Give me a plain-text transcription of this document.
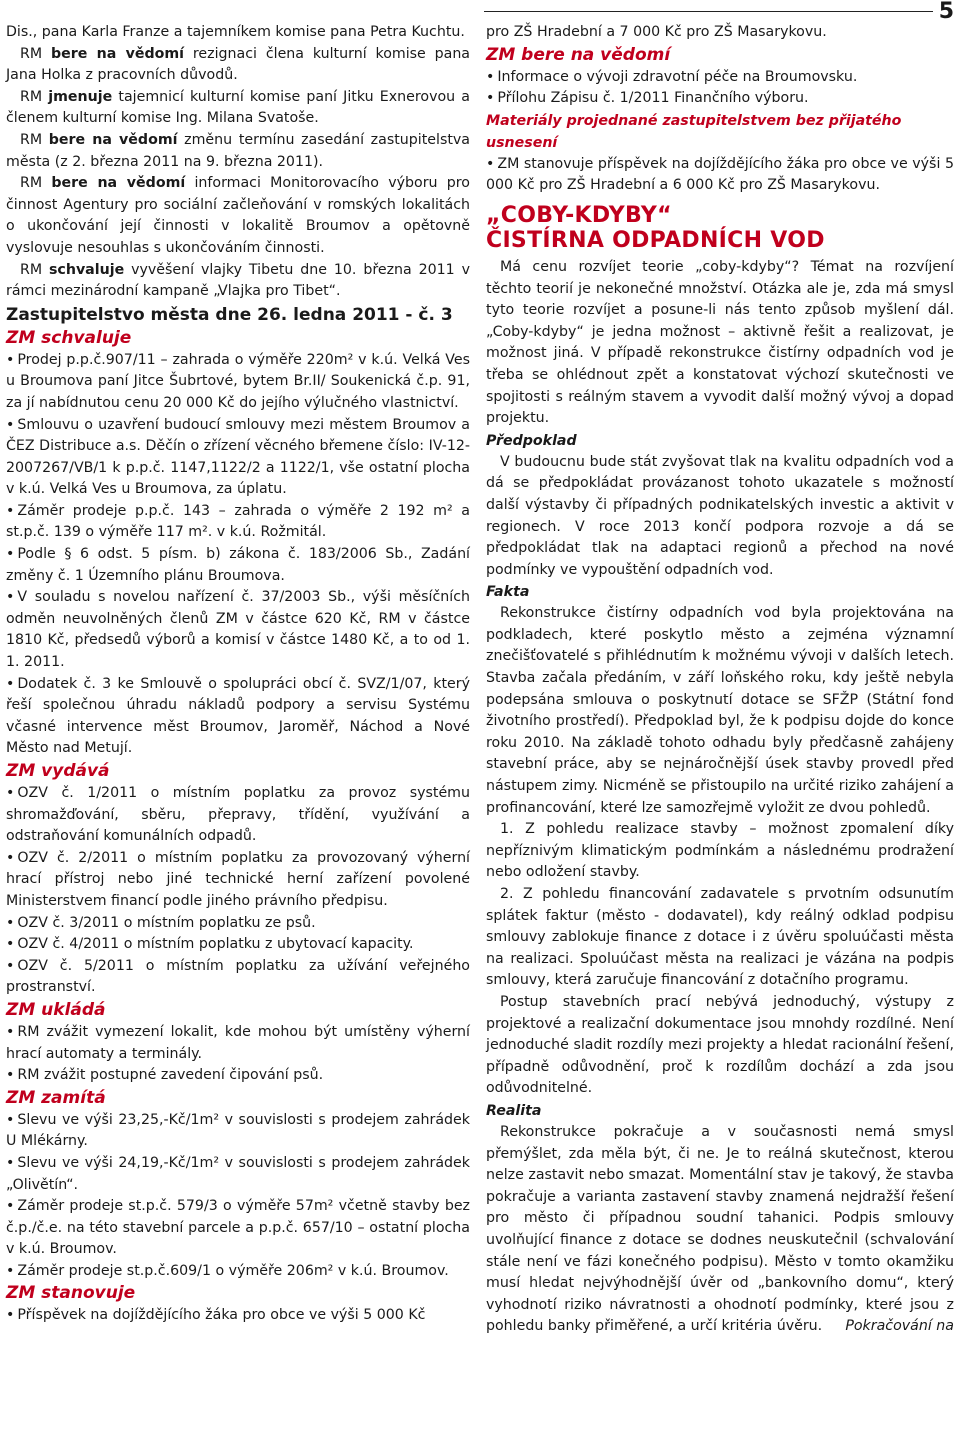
5

Dis., pana Karla Franze a tajemníkem komise pana Petra Kuchtu.

RM bere na vědomí rezignaci člena kulturní komise pana Jana Holka z pracovních důvodů.

RM jmenuje tajemnicí kulturní komise paní Jitku Exnerovou a členem kulturní komise Ing. Milana Svatoše.

RM bere na vědomí změnu termínu zasedání zastupitelstva města (z 2. března 2011 na 9. března 2011).

RM bere na vědomí informaci Monitorovacího výboru pro činnost Agentury pro sociální začleňování v romských lokalitách o ukončování její činnosti v lokalitě Broumov a opětovně vyslovuje nesouhlas s ukončováním činnosti.

RM schvaluje vyvěšení vlajky Tibetu dne 10. března 2011 v rámci mezinárodní kampaně „Vlajka pro Tibet“.

Zastupitelstvo města dne 26. ledna 2011 - č. 3

ZM schvaluje

• Prodej p.p.č.907/11 – zahrada o výměře 220m² v k.ú. Velká Ves u Broumova paní Jitce Šubrtové, bytem Br.II/ Soukenická č.p. 91, za jí nabídnutou cenu 20 000 Kč do jejího výlučného vlastnictví.

• Smlouvu o uzavření budoucí smlouvy mezi městem Broumov a ČEZ Distribuce a.s. Děčín o zřízení věcného břemene číslo: IV-12-2007267/VB/1 k p.p.č. 1147,1122/2 a 1122/1, vše ostatní plocha v k.ú. Velká Ves u Broumova, za úplatu.

• Záměr prodeje p.p.č. 143 – zahrada o výměře 2 192 m² a st.p.č. 139 o výměře 117 m². v k.ú. Rožmitál.

• Podle § 6 odst. 5 písm. b) zákona č. 183/2006 Sb., Zadání změny č. 1 Územního plánu Broumova.

• V souladu s novelou nařízení č. 37/2003 Sb., výši měsíčních odměn neuvolněných členů ZM v částce 620 Kč, RM v částce 1810 Kč, předsedů výborů a komisí v částce 1480 Kč, a to od 1. 1. 2011.

• Dodatek č. 3 ke Smlouvě o spolupráci obcí č. SVZ/1/07, který řeší společnou úhradu nákladů podpory a servisu Systému včasné intervence měst Broumov, Jaroměř, Náchod a Nové Město nad Metují.

ZM vydává

• OZV č. 1/2011 o místním poplatku za provoz systému shromažďování, sběru, přepravy, třídění, využívání a odstraňování komunálních odpadů.

• OZV č. 2/2011 o místním poplatku za provozovaný výherní hrací přístroj nebo jiné technické herní zařízení povolené Ministerstvem financí podle jiného právního předpisu.

• OZV č. 3/2011 o místním poplatku ze psů.

• OZV č. 4/2011 o místním poplatku z ubytovací kapacity.

• OZV č. 5/2011 o místním poplatku za užívání veřejného prostranství.

ZM ukládá

• RM zvážit vymezení lokalit, kde mohou být umístěny výherní hrací automaty a terminály.

• RM zvážit postupné zavedení čipování psů.

ZM zamítá

• Slevu ve výši 23,25,-Kč/1m² v souvislosti s prodejem zahrádek U Mlékárny.

• Slevu ve výši 24,19,-Kč/1m² v souvislosti s prodejem zahrádek „Olivětín“.

• Záměr prodeje st.p.č. 579/3 o výměře 57m² včetně stavby bez č.p./č.e. na této stavební parcele a p.p.č. 657/10 – ostatní plocha v k.ú. Broumov.

• Záměr prodeje st.p.č.609/1 o výměře 206m² v k.ú. Broumov.

ZM stanovuje

• Příspěvek na dojíždějícího žáka pro obce ve výši 5 000 Kč

pro ZŠ Hradební a 7 000 Kč pro ZŠ Masarykovu.

ZM bere na vědomí

• Informace o vývoji zdravotní péče na Broumovsku.

• Přílohu Zápisu č. 1/2011 Finančního výboru.

Materiály projednané zastupitelstvem bez přijatého usnesení

• ZM stanovuje příspěvek na dojíždějícího žáka pro obce ve výši 5 000 Kč pro ZŠ Hradební a 6 000 Kč pro ZŠ Masarykovu.

„COBY-KDYBY“

ČISTÍRNA ODPADNÍCH VOD

Má cenu rozvíjet teorie „coby-kdyby“? Témat na rozvíjení těchto teorií je nekonečné množství. Otázka ale je, zda má smysl tyto teorie rozvíjet a posune-li nás tento způsob myšlení dál. „Coby-kdyby“ je jedna možnost – aktivně řešit a realizovat, je možnost jiná. V případě rekonstrukce čistírny odpadních vod je třeba se ohlédnout zpět a konstatovat výchozí skutečnosti ve spojitosti s reálným stavem a vyvodit další možný vývoj a dopad projektu.

Předpoklad

V budoucnu bude stát zvyšovat tlak na kvalitu odpadních vod a dá se předpokládat provázanost tohoto ukazatele s možností další výstavby či případných podnikatelských investic a aktivit v regionech. V roce 2013 končí podpora rozvoje a dá se předpokládat tlak na adaptaci regionů a přechod na nové podmínky ve vypouštění odpadních vod.

Fakta

Rekonstrukce čistírny odpadních vod byla projektována na podkladech, které poskytlo město a zejména významní znečišťovatelé s přihlédnutím k možnému vývoji v dalších letech. Stavba začala předáním, v září loňského roku, kdy ještě nebyla podepsána smlouva o poskytnutí dotace se SFŽP (Státní fond životního prostředí). Předpoklad byl, že k podpisu dojde do konce roku 2010. Na základě tohoto odhadu byly předčasně zahájeny stavební práce, aby se nejnáročnější úsek stavby provedl před nástupem zimy. Nicméně se přistoupilo na určité riziko zahájení a profinancování, které lze samozřejmě vyložit ze dvou pohledů.

1. Z pohledu realizace stavby – možnost zpomalení díky nepříznivým klimatickým podmínkám a následnému prodražení nebo odložení stavby.

2. Z pohledu financování zadavatele s prvotním odsunutím splátek faktur (město - dodavatel), kdy reálný odklad podpisu smlouvy zablokuje finance z dotace i z úvěru spoluúčasti města na realizaci. Spoluúčast města na realizaci je vázána na podpis smlouvy, která zaručuje financování z dotačního programu.

Postup stavebních prací nebývá jednoduchý, výstupy z projektové a realizační dokumentace jsou mnohdy rozdílné. Není jednoduché sladit rozdíly mezi projekty a hledat racionální řešení, případně odůvodnění, proč k rozdílům dochází a zda jsou odůvodnitelné.

Realita

Rekonstrukce pokračuje a v současnosti nemá smysl přemýšlet, zda měla být, či ne. Je to reálná skutečnost, kterou nelze zastavit nebo smazat. Momentální stav je takový, že stavba pokračuje a varianta zastavení stavby znamená nejdražší řešení pro město či případnou soudní tahanici. Podpis smlouvy uvolňující finance z dotace se dodnes neuskutečnil (schvalování stále není ve fázi konečného podpisu). Město v tomto okamžiku musí hledat nejvýhodnější úvěr od „bankovního domu“, který vyhodnotí riziko návratnosti a ohodnotí podmínky, které jsou z pohledu banky přiměřené, a určí kritéria úvěru.	Pokračování na
